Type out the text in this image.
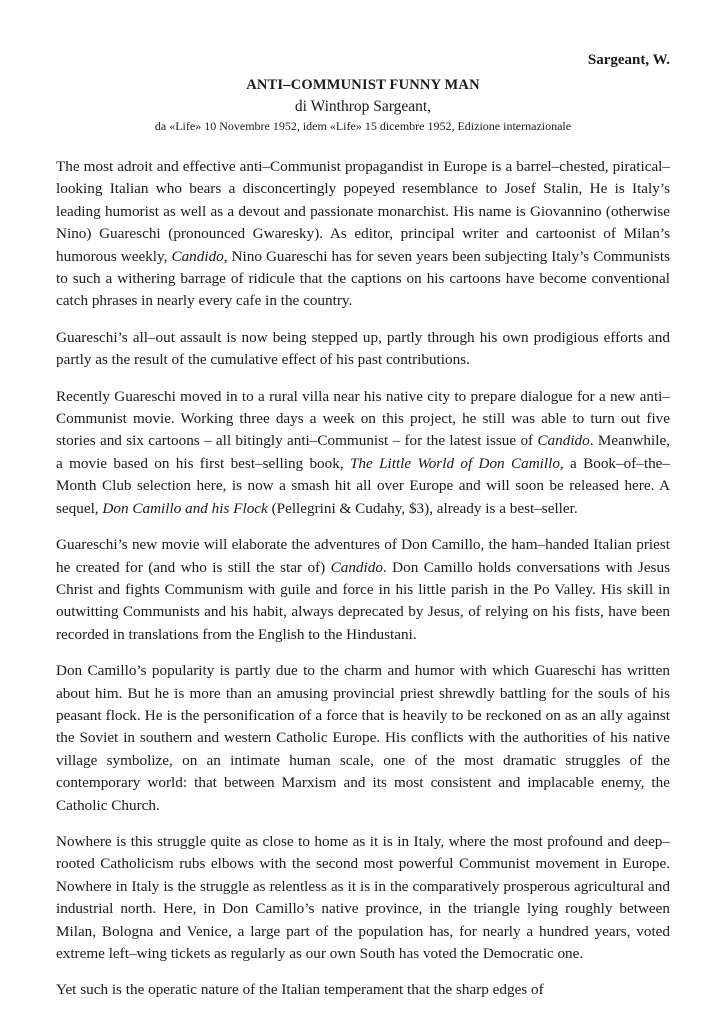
Sargeant, W.
ANTI–COMMUNIST FUNNY MAN
di Winthrop Sargeant,
da «Life» 10 Novembre 1952, idem «Life» 15 dicembre 1952, Edizione internazionale

The most adroit and effective anti–Communist propagandist in Europe is a barrel–chested, piratical–looking Italian who bears a disconcertingly popeyed resemblance to Josef Stalin, He is Italy’s leading humorist as well as a devout and passionate monarchist. His name is Giovannino (otherwise Nino) Guareschi (pronounced Gwaresky). As editor, principal writer and cartoonist of Milan’s humorous weekly, Candido, Nino Guareschi has for seven years been subjecting Italy’s Communists to such a withering barrage of ridicule that the captions on his cartoons have become conventional catch phrases in nearly every cafe in the country.

Guareschi’s all–out assault is now being stepped up, partly through his own prodigious efforts and partly as the result of the cumulative effect of his past contributions.

Recently Guareschi moved in to a rural villa near his native city to prepare dialogue for a new anti–Communist movie. Working three days a week on this project, he still was able to turn out five stories and six cartoons – all bitingly anti–Communist – for the latest issue of Candido. Meanwhile, a movie based on his first best–selling book, The Little World of Don Camillo, a Book–of–the–Month Club selection here, is now a smash hit all over Europe and will soon be released here. A sequel, Don Camillo and his Flock (Pellegrini & Cudahy, $3), already is a best–seller.

Guareschi’s new movie will elaborate the adventures of Don Camillo, the ham–handed Italian priest he created for (and who is still the star of) Candido. Don Camillo holds conversations with Jesus Christ and fights Communism with guile and force in his little parish in the Po Valley. His skill in outwitting Communists and his habit, always deprecated by Jesus, of relying on his fists, have been recorded in translations from the English to the Hindustani.

Don Camillo’s popularity is partly due to the charm and humor with which Guareschi has written about him. But he is more than an amusing provincial priest shrewdly battling for the souls of his peasant flock. He is the personification of a force that is heavily to be reckoned on as an ally against the Soviet in southern and western Catholic Europe. His conflicts with the authorities of his native village symbolize, on an intimate human scale, one of the most dramatic struggles of the contemporary world: that between Marxism and its most consistent and implacable enemy, the Catholic Church.

Nowhere is this struggle quite as close to home as it is in Italy, where the most profound and deep–rooted Catholicism rubs elbows with the second most powerful Communist movement in Europe. Nowhere in Italy is the struggle as relentless as it is in the comparatively prosperous agricultural and industrial north. Here, in Don Camillo’s native province, in the triangle lying roughly between Milan, Bologna and Venice, a large part of the population has, for nearly a hundred years, voted extreme left–wing tickets as regularly as our own South has voted the Democratic one.

Yet such is the operatic nature of the Italian temperament that the sharp edges of
